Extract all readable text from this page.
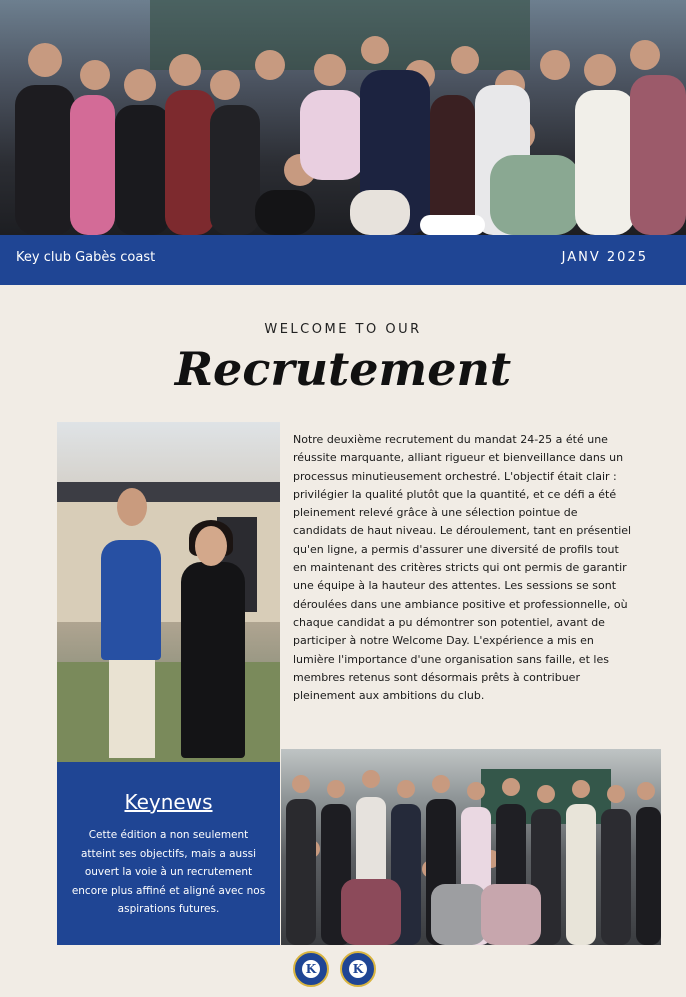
Key club Gabès coast	JANV 2025
WELCOME TO OUR
Recrutement
Notre deuxième recrutement du mandat 24-25 a été une réussite marquante, alliant rigueur et bienveillance dans un processus minutieusement orchestré. L'objectif était clair : privilégier la qualité plutôt que la quantité, et ce défi a été pleinement relevé grâce à une sélection pointue de candidats de haut niveau. Le déroulement, tant en présentiel qu'en ligne, a permis d'assurer une diversité de profils tout en maintenant des critères stricts qui ont permis de garantir une équipe à la hauteur des attentes. Les sessions se sont déroulées dans une ambiance positive et professionnelle, où chaque candidat a pu démontrer son potentiel, avant de participer à notre Welcome Day. L'expérience a mis en lumière l'importance d'une organisation sans faille, et les membres retenus sont désormais prêts à contribuer pleinement aux ambitions du club.
Keynews
Cette édition a non seulement atteint ses objectifs, mais a aussi ouvert la voie à un recrutement encore plus affiné et aligné avec nos aspirations futures.
K	K
